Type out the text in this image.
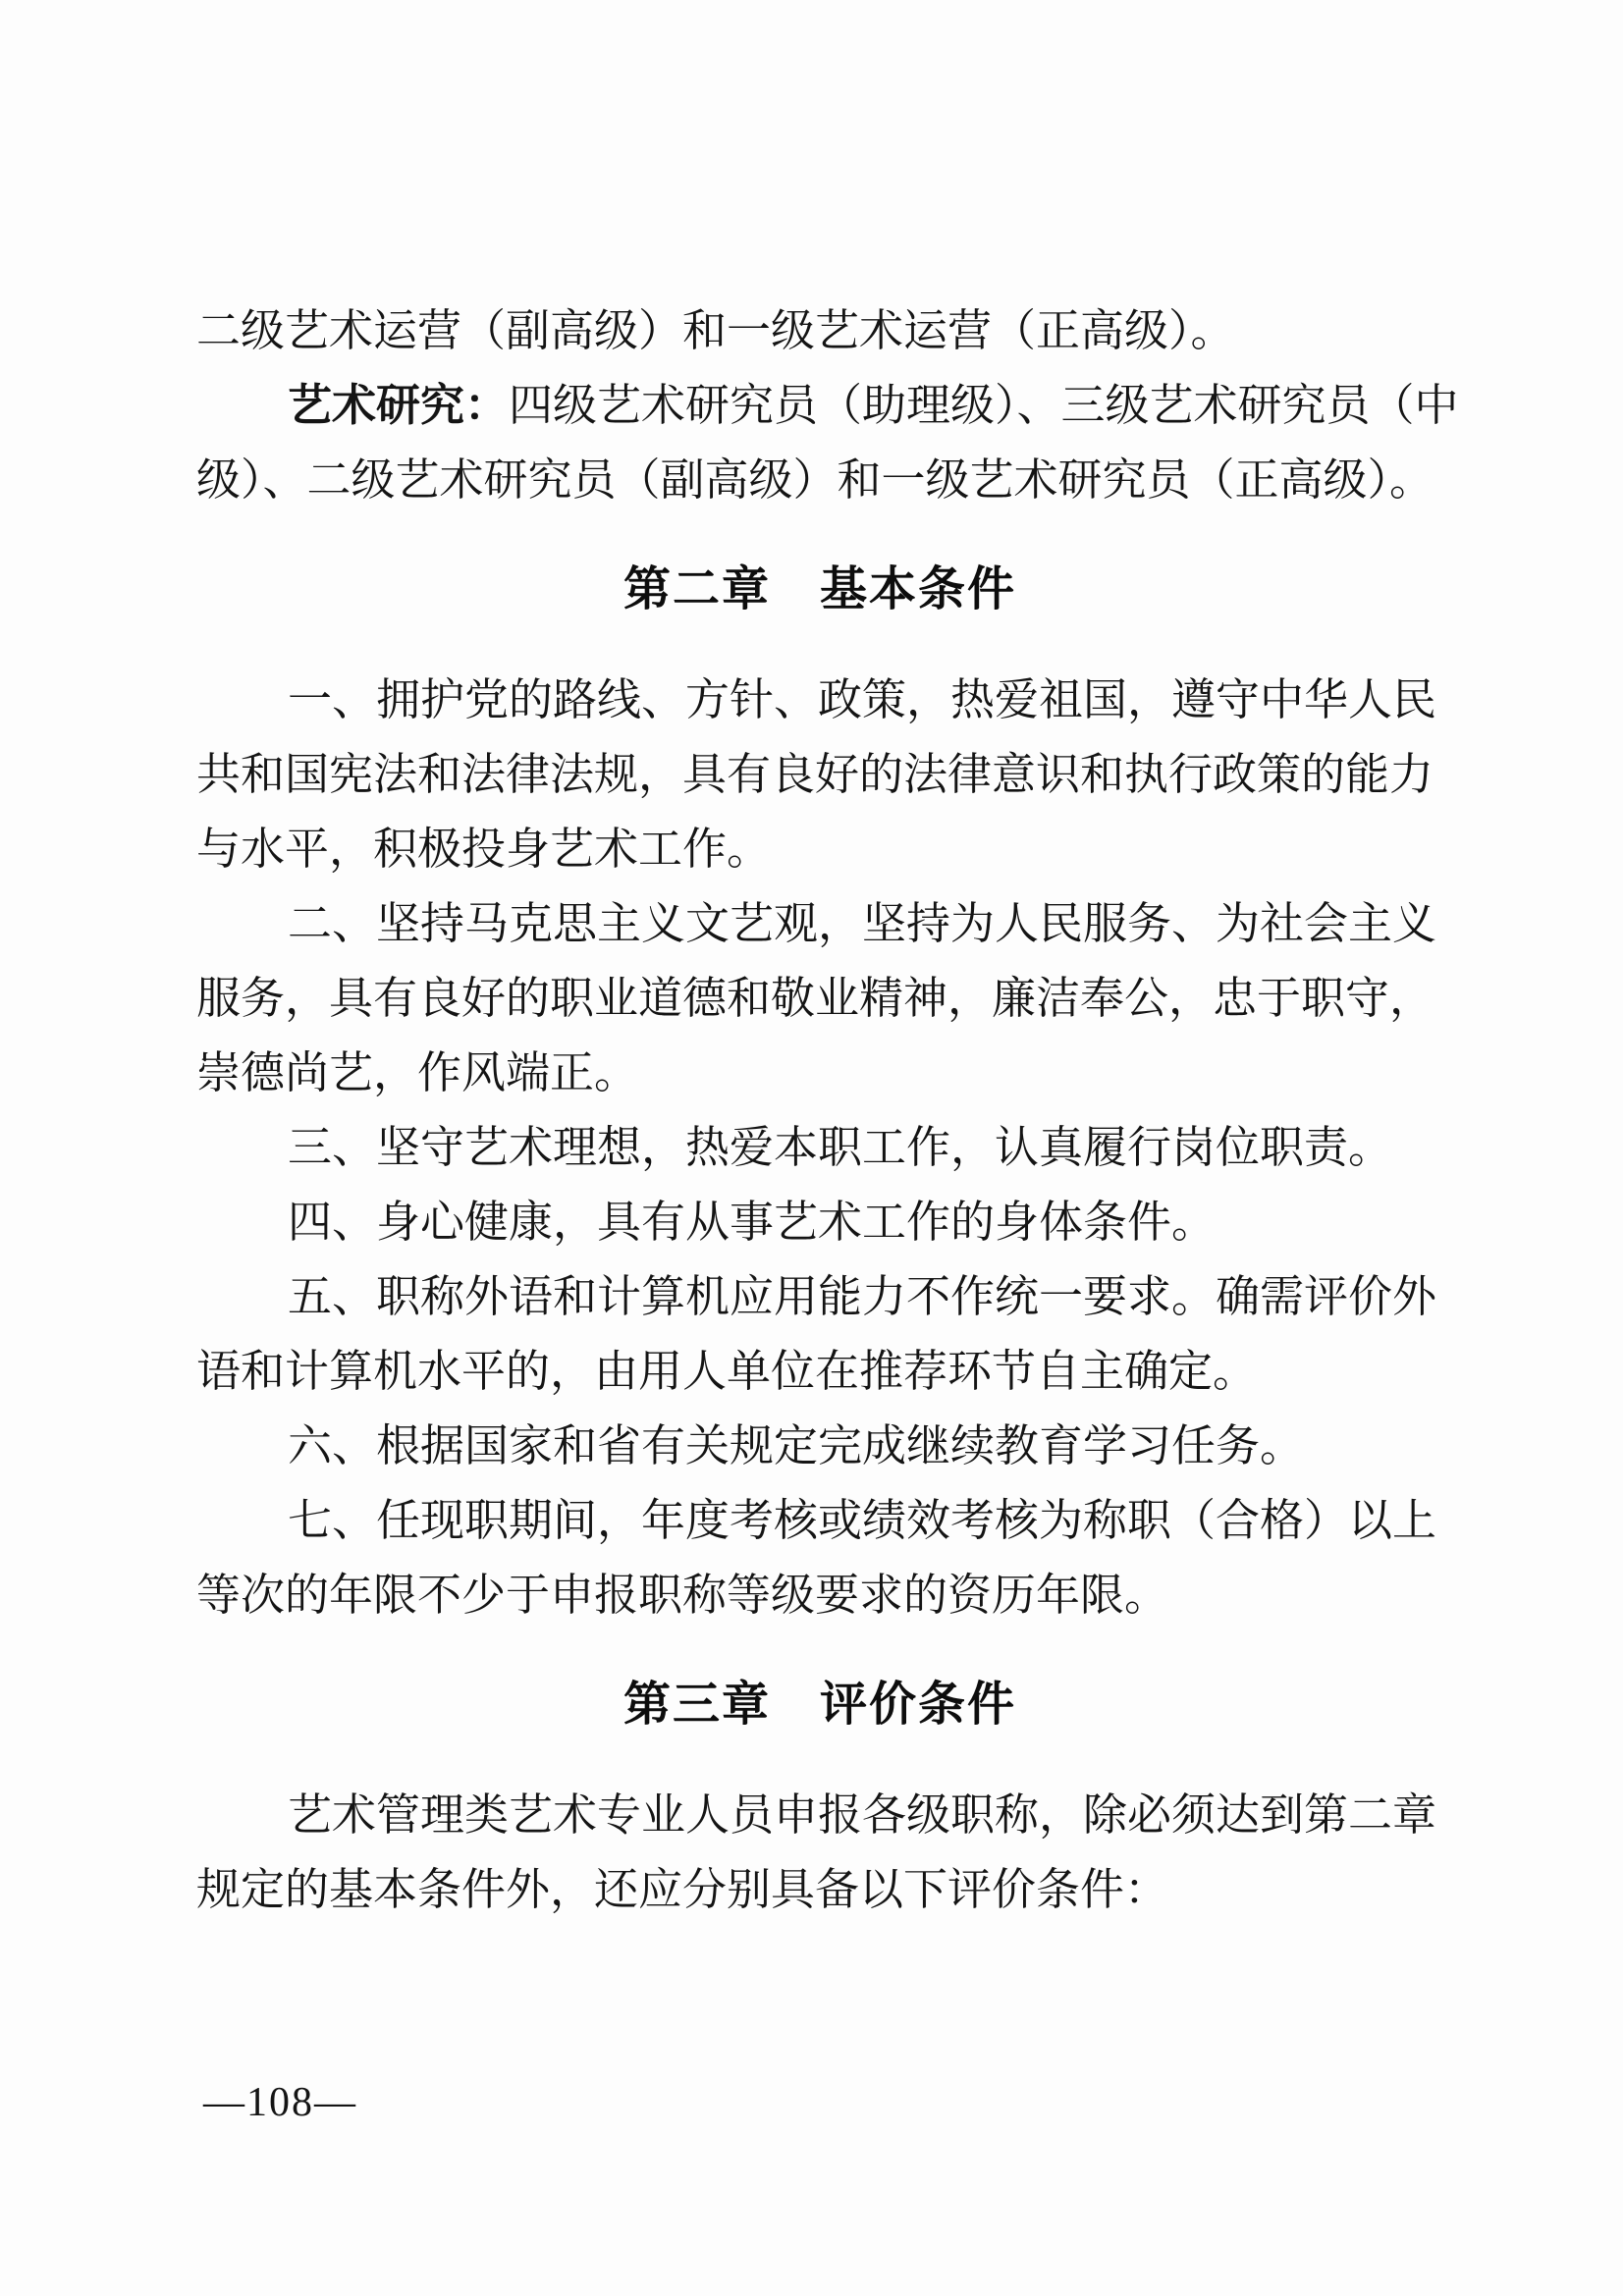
二级艺术运营（副高级）和一级艺术运营（正高级）。
艺术研究：四级艺术研究员（助理级）、三级艺术研究员（中
级）、二级艺术研究员（副高级）和一级艺术研究员（正高级）。
第二章　基本条件
一、拥护党的路线、方针、政策，热爱祖国，遵守中华人民
共和国宪法和法律法规，具有良好的法律意识和执行政策的能力
与水平，积极投身艺术工作。
二、坚持马克思主义文艺观，坚持为人民服务、为社会主义
服务，具有良好的职业道德和敬业精神，廉洁奉公，忠于职守，
崇德尚艺，作风端正。
三、坚守艺术理想，热爱本职工作，认真履行岗位职责。
四、身心健康，具有从事艺术工作的身体条件。
五、职称外语和计算机应用能力不作统一要求。确需评价外
语和计算机水平的，由用人单位在推荐环节自主确定。
六、根据国家和省有关规定完成继续教育学习任务。
七、任现职期间，年度考核或绩效考核为称职（合格）以上
等次的年限不少于申报职称等级要求的资历年限。
第三章　评价条件
艺术管理类艺术专业人员申报各级职称，除必须达到第二章
规定的基本条件外，还应分别具备以下评价条件：
—108—
